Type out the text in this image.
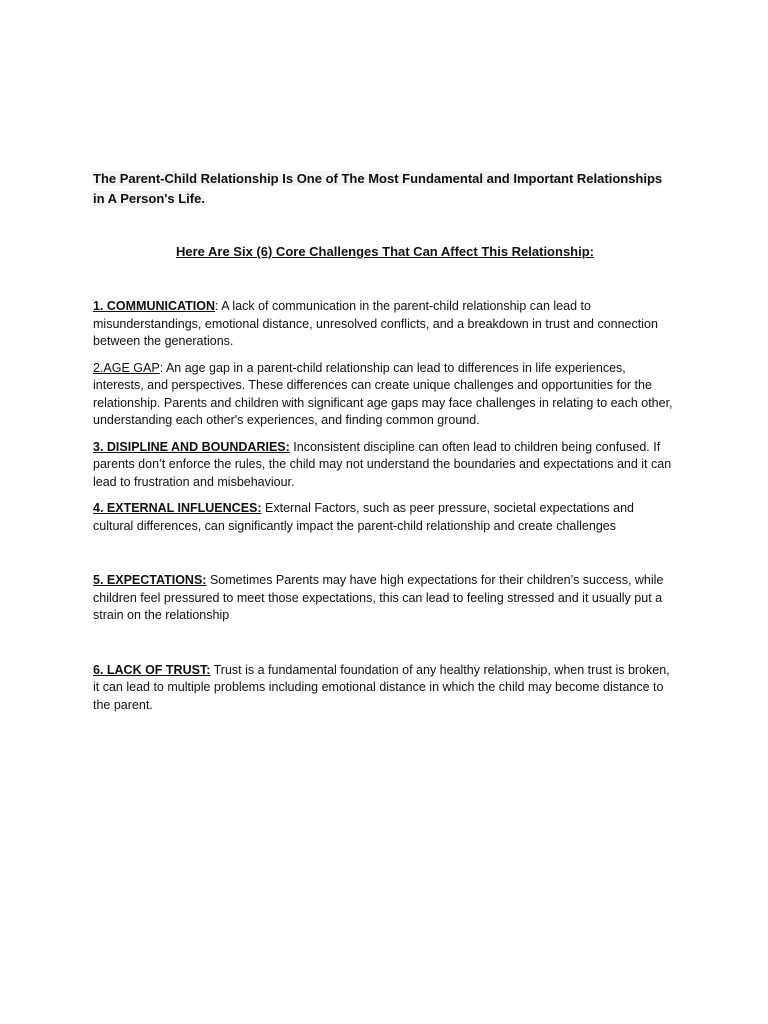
The Parent-Child Relationship Is One of The Most Fundamental and Important Relationships in A Person's Life.

Here Are Six (6) Core Challenges That Can Affect This Relationship:

1. COMMUNICATION: A lack of communication in the parent-child relationship can lead to misunderstandings, emotional distance, unresolved conflicts, and a breakdown in trust and connection between the generations.

2.AGE GAP: An age gap in a parent-child relationship can lead to differences in life experiences, interests, and perspectives. These differences can create unique challenges and opportunities for the relationship. Parents and children with significant age gaps may face challenges in relating to each other, understanding each other's experiences, and finding common ground.

3. DISIPLINE AND BOUNDARIES: Inconsistent discipline can often lead to children being confused. If parents don’t enforce the rules, the child may not understand the boundaries and expectations and it can lead to frustration and misbehaviour.

4. EXTERNAL INFLUENCES: External Factors, such as peer pressure, societal expectations and cultural differences, can significantly impact the parent-child relationship and create challenges

5. EXPECTATIONS: Sometimes Parents may have high expectations for their children’s success, while children feel pressured to meet those expectations, this can lead to feeling stressed and it usually put a strain on the relationship

6. LACK OF TRUST: Trust is a fundamental foundation of any healthy relationship, when trust is broken, it can lead to multiple problems including emotional distance in which the child may become distance to the parent.
